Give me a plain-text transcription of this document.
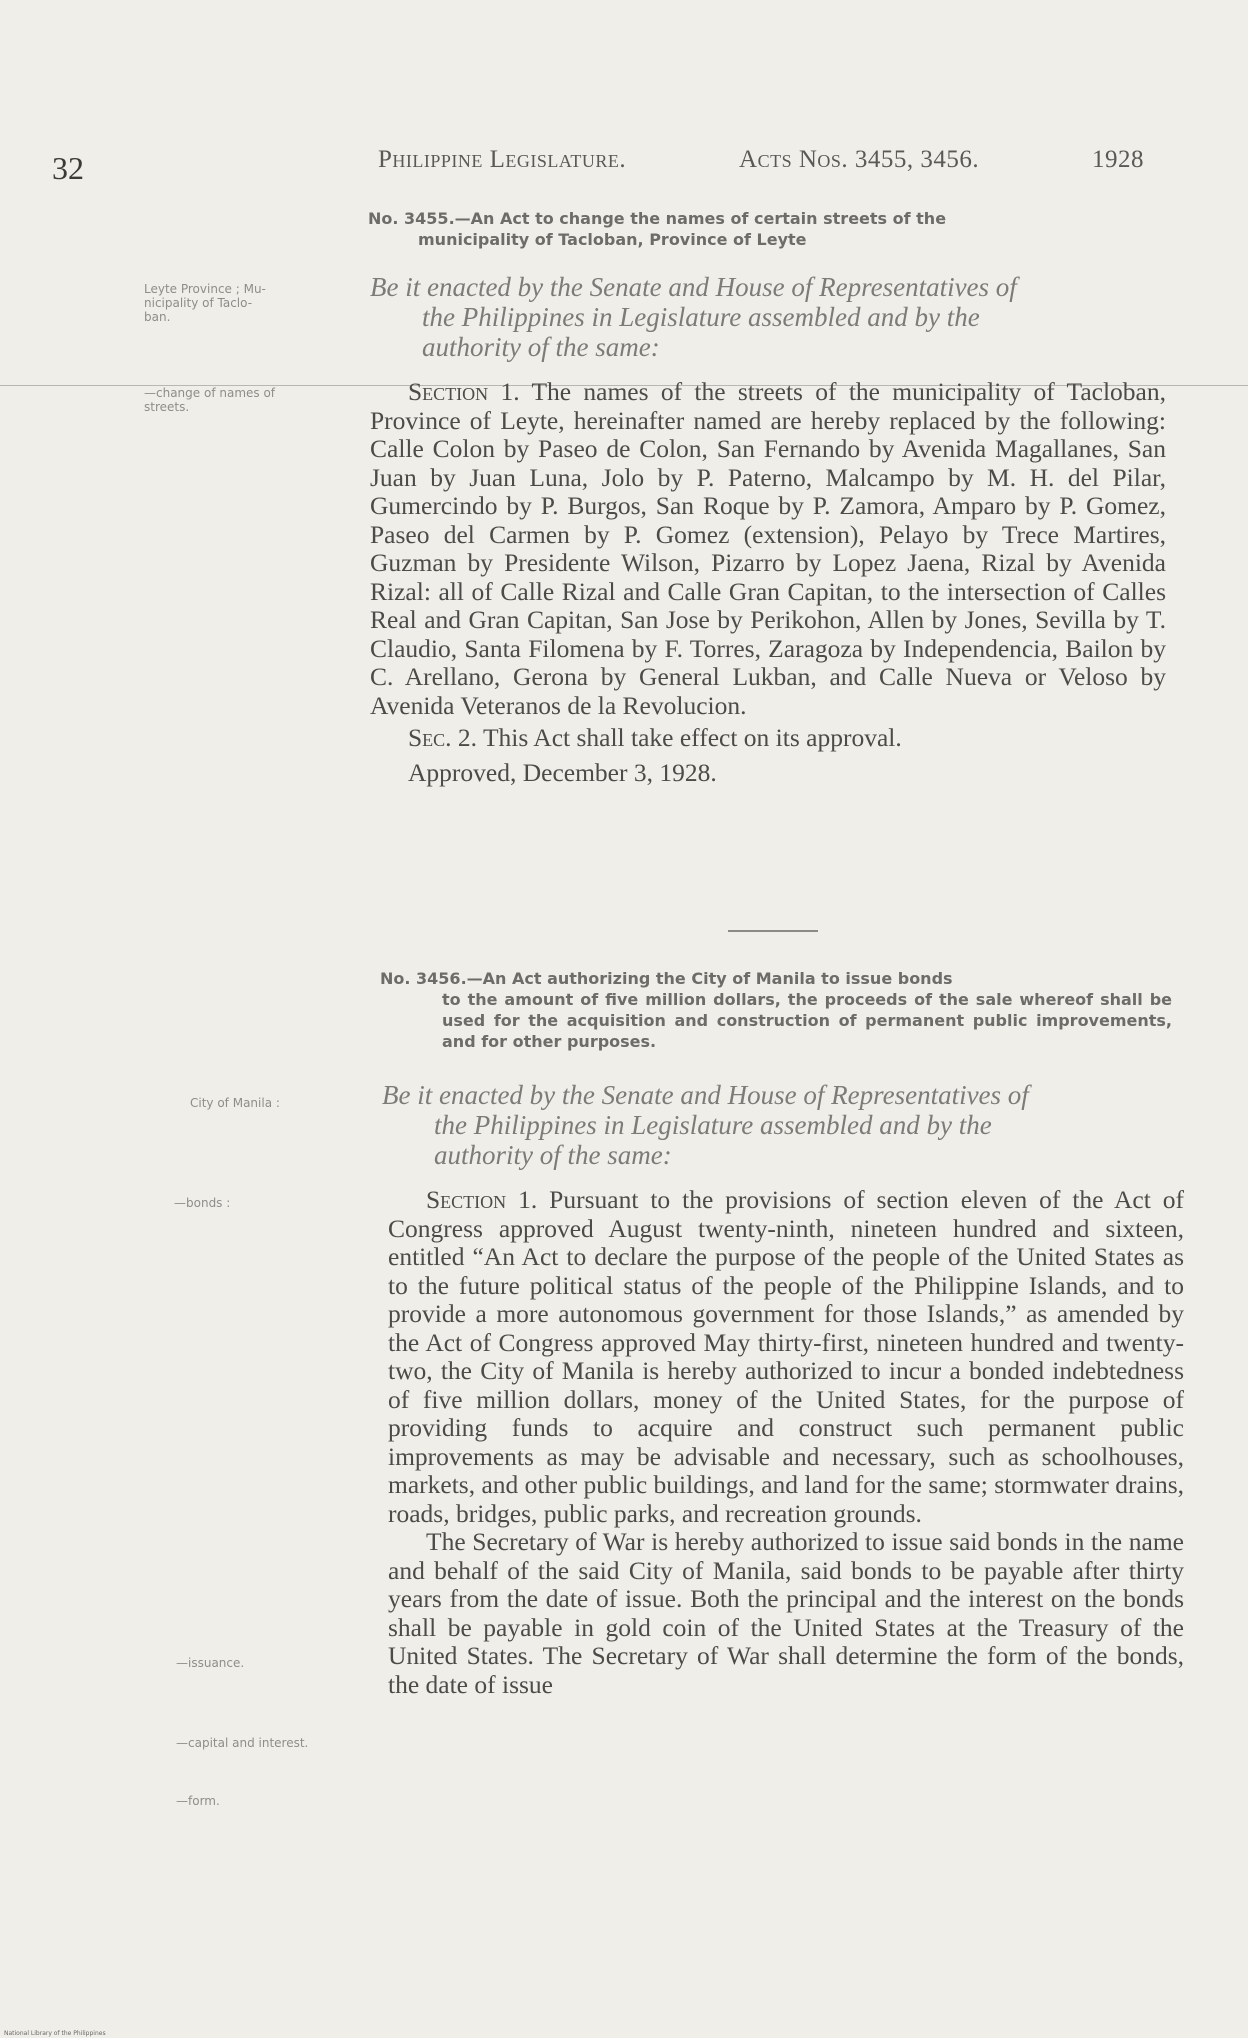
32	Philippine Legislature.	Acts Nos. 3455, 3456.	1928
No. 3455.—An Act to change the names of certain streets of the
municipality of Tacloban, Province of Leyte
Leyte Province ; Mu-
nicipality of Taclo-
ban.
Be it enacted by the Senate and House of Representatives of
the Philippines in Legislature assembled and by the
authority of the same:
—change of names of
streets.

Section 1. The names of the streets of the municipality of Tacloban, Province of Leyte, hereinafter named are hereby replaced by the following: Calle Colon by Paseo de Colon, San Fernando by Avenida Magallanes, San Juan by Juan Luna, Jolo by P. Paterno, Malcampo by M. H. del Pilar, Gumercindo by P. Burgos, San Roque by P. Zamora, Amparo by P. Gomez, Paseo del Carmen by P. Gomez (extension), Pelayo by Trece Martires, Guzman by Presidente Wilson, Pizarro by Lopez Jaena, Rizal by Avenida Rizal: all of Calle Rizal and Calle Gran Capitan, to the intersection of Calles Real and Gran Capitan, San Jose by Perikohon, Allen by Jones, Sevilla by T. Claudio, Santa Filomena by F. Torres, Zaragoza by Independencia, Bailon by C. Arellano, Gerona by General Lukban, and Calle Nueva or Veloso by Avenida Veteranos de la Revolucion.

Sec. 2. This Act shall take effect on its approval.

Approved, December 3, 1928.

No. 3456.—An Act authorizing the City of Manila to issue bonds
to the amount of five million dollars, the proceeds of the sale whereof shall be used for the acquisition and construction of permanent public improvements, and for other purposes.
City of Manila :	Be it enacted by the Senate and House of Representatives of
the Philippines in Legislature assembled and by the
authority of the same:
—bonds :
—issuance.
—capital and interest.
—form.

Section 1. Pursuant to the provisions of section eleven of the Act of Congress approved August twenty-ninth, nineteen hundred and sixteen, entitled “An Act to declare the purpose of the people of the United States as to the future political status of the people of the Philippine Islands, and to provide a more autonomous government for those Islands,” as amended by the Act of Congress approved May thirty-first, nineteen hundred and twenty-two, the City of Manila is hereby authorized to incur a bonded indebtedness of five million dollars, money of the United States, for the purpose of providing funds to acquire and construct such permanent public improvements as may be advisable and necessary, such as schoolhouses, markets, and other public buildings, and land for the same; stormwater drains, roads, bridges, public parks, and recreation grounds.

The Secretary of War is hereby authorized to issue said bonds in the name and behalf of the said City of Manila, said bonds to be payable after thirty years from the date of issue. Both the principal and the interest on the bonds shall be payable in gold coin of the United States at the Treasury of the United States. The Secretary of War shall determine the form of the bonds, the date of issue

National Library of the Philippines
